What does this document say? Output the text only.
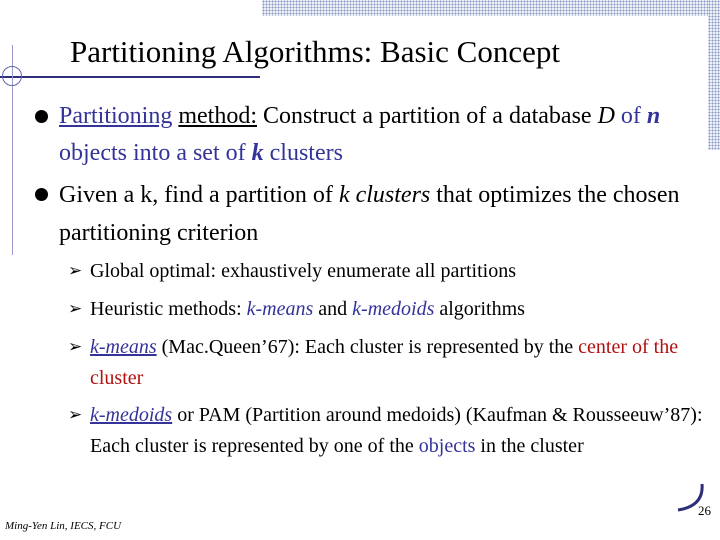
Partitioning Algorithms: Basic Concept
Partitioning method: Construct a partition of a database D of n objects into a set of k clusters
Given a k, find a partition of k clusters that optimizes the chosen partitioning criterion
➢ Global optimal: exhaustively enumerate all partitions
➢ Heuristic methods: k-means and k-medoids algorithms
➢ k-means (Mac.Queen’67): Each cluster is represented by the center of the cluster
➢ k-medoids or PAM (Partition around medoids) (Kaufman & Rousseeuw’87): Each cluster is represented by one of the objects in the cluster
Ming-Yen Lin, IECS, FCU
26
